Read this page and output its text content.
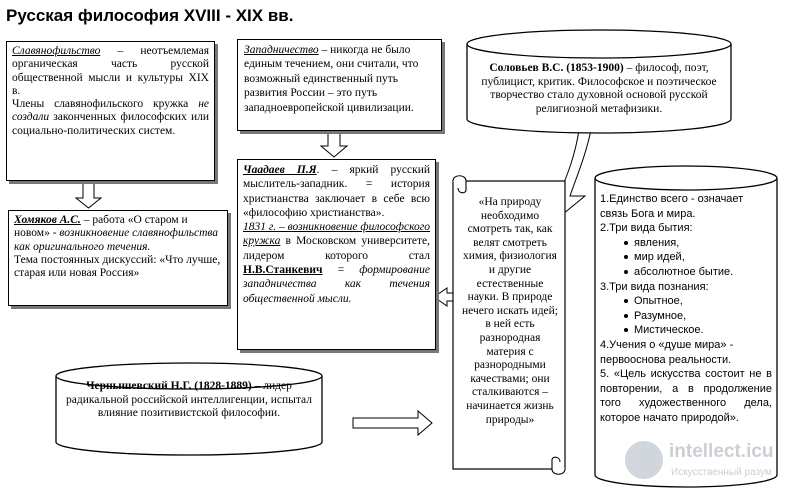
Русская философия XVIII - XIX вв.
Славянофильство – неотъемлемая органическая часть русской общественной мысли и культуры XIX в.
Члены славянофильского кружка не создали законченных философских или социально-политических систем.
Хомяков А.С. – работа «О старом и новом» - возникновение славянофильства как оригинального течения.
Тема постоянных дискуссий: «Что лучше, старая или новая Россия»
Западничество – никогда не было единым течением, они считали, что возможный единственный путь развития России – это путь западноевропейской цивилизации.
Чаадаев П.Я. – яркий русский мыслитель-западник. = история христианства заключает в себе всю «философию христианства».
1831 г. – возникновение философского кружка в Московском университете, лидером которого стал Н.В.Станкевич = формирование западничества как течения общественной мысли.
Соловьев В.С. (1853-1900) – философ, поэт, публицист, критик. Философское и поэтическое творчество стало духовной основой русской религиозной метафизики.
Чернышевский Н.Г. (1828-1889) – лидер радикальной российской интеллигенции, испытал влияние позитивистской философии.
«На природу необходимо смотреть так, как велят смотреть химия, физиология и другие естественные науки. В природе нечего искать идей; в ней есть разнородная материя с разнородными качествами; они сталкиваются – начинается жизнь природы»
1.Единство всего - означает связь Бога и мира.
2.Три вида бытия:
явления,
мир идей,
абсолютное бытие.
3.Три вида познания:
Опытное,
Разумное,
Мистическое.
4.Учения о «душе мира» - первооснова реальности.
5. «Цель искусства состоит не в повторении, а в продолжение того художественного дела, которое начато природой».
intellect.icu
Искусственный разум
